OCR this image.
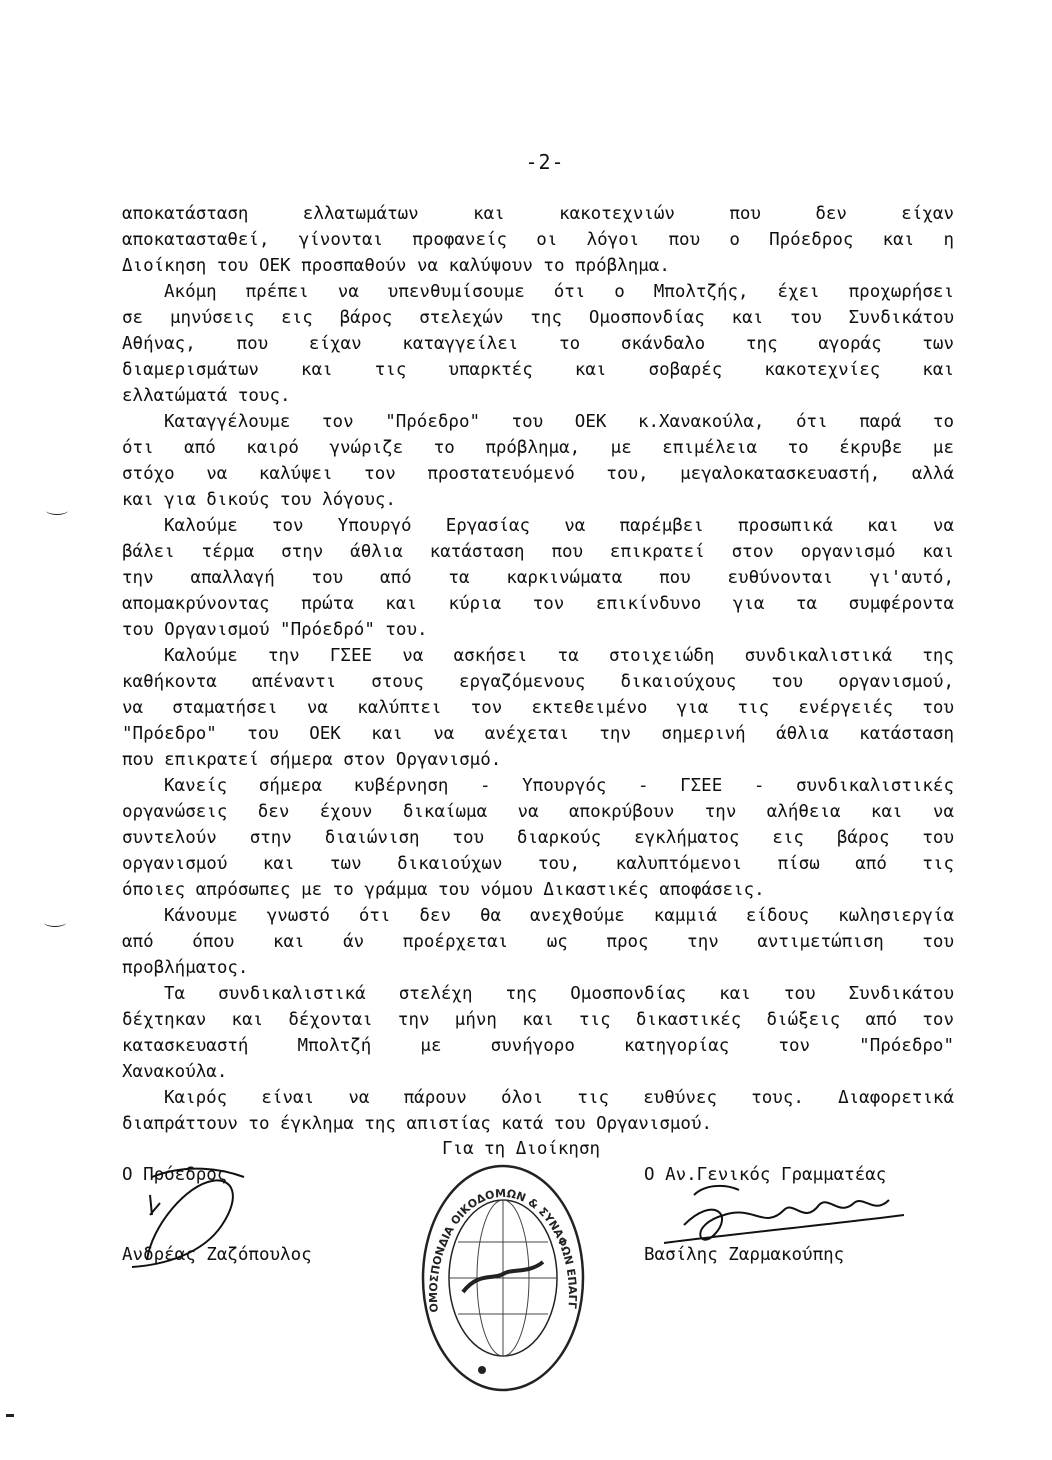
-2-
αποκατάσταση ελλατωμάτων και κακοτεχνιών που δεν είχαν
αποκατασταθεί, γίνονται προφανείς οι λόγοι που ο Πρόεδρος και η
Διοίκηση του ΟΕΚ προσπαθούν να καλύψουν το πρόβλημα.
Ακόμη πρέπει να υπενθυμίσουμε ότι ο Μπολτζής, έχει προχωρήσει
σε μηνύσεις εις βάρος στελεχών της Ομοσπονδίας και του Συνδικάτου
Αθήνας, που είχαν καταγγείλει το σκάνδαλο της αγοράς των
διαμερισμάτων και τις υπαρκτές και σοβαρές κακοτεχνίες και
ελλατώματά τους.
Καταγγέλουμε τον "Πρόεδρο" του ΟΕΚ κ.Χανακούλα, ότι παρά το
ότι από καιρό γνώριζε το πρόβλημα, με επιμέλεια το έκρυβε με
στόχο να καλύψει τον προστατευόμενό του, μεγαλοκατασκευαστή, αλλά
και για δικούς του λόγους.
Καλούμε τον Υπουργό Εργασίας να παρέμβει προσωπικά και να
βάλει τέρμα στην άθλια κατάσταση που επικρατεί στον οργανισμό και
την απαλλαγή του από τα καρκινώματα που ευθύνονται γι'αυτό,
απομακρύνοντας πρώτα και κύρια τον επικίνδυνο για τα συμφέροντα
του Οργανισμού "Πρόεδρό" του.
Καλούμε την ΓΣΕΕ να ασκήσει τα στοιχειώδη συνδικαλιστικά της
καθήκοντα απέναντι στους εργαζόμενους δικαιούχους του οργανισμού,
να σταματήσει να καλύπτει τον εκτεθειμένο για τις ενέργειές του
"Πρόεδρο" του ΟΕΚ και να ανέχεται την σημερινή άθλια κατάσταση
που επικρατεί σήμερα στον Οργανισμό.
Κανείς σήμερα κυβέρνηση - Υπουργός - ΓΣΕΕ - συνδικαλιστικές
οργανώσεις δεν έχουν δικαίωμα να αποκρύβουν την αλήθεια και να
συντελούν στην διαιώνιση του διαρκούς εγκλήματος εις βάρος του
οργανισμού και των δικαιούχων του, καλυπτόμενοι πίσω από τις
όποιες απρόσωπες με το γράμμα του νόμου Δικαστικές αποφάσεις.
Κάνουμε γνωστό ότι δεν θα ανεχθούμε καμμιά είδους κωλησιεργία
από όπου και άν προέρχεται ως προς την αντιμετώπιση του
προβλήματος.
Τα συνδικαλιστικά στελέχη της Ομοσπονδίας και του Συνδικάτου
δέχτηκαν και δέχονται την μήνη και τις δικαστικές διώξεις από τον
κατασκευαστή Μπολτζή με συνήγορο κατηγορίας τον "Πρόεδρο"
Χανακούλα.
Καιρός είναι να πάρουν όλοι τις ευθύνες τους. Διαφορετικά
διαπράττουν το έγκλημα της απιστίας κατά του Οργανισμού.
Για τη Διοίκηση
Ο Πρόεδρος
Ανδρέας Ζαζόπουλος
ΟΜΟΣΠΟΝΔΙΑ ΟΙΚΟΔΟΜΩΝ & ΣΥΝΑΦΩΝ ΕΠΑΓΓ
Ο Αν.Γενικός Γραμματέας
Βασίλης Ζαρμακούπης
